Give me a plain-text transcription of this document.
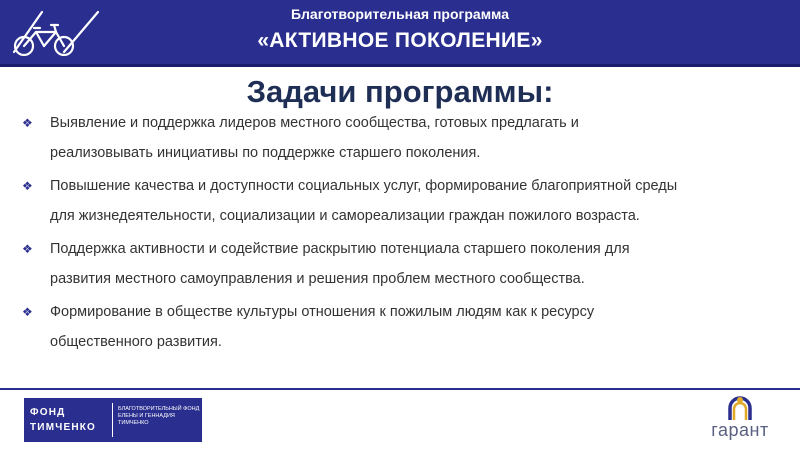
Благотворительная программа
«АКТИВНОЕ ПОКОЛЕНИЕ»
Задачи программы:
❖	Выявление и поддержка лидеров местного сообщества, готовых предлагать и
реализовывать инициативы по поддержке старшего поколения.
❖	Повышение качества и доступности социальных услуг, формирование благоприятной среды
для жизнедеятельности, социализации и самореализации граждан пожилого возраста.
❖	Поддержка активности и содействие раскрытию потенциала старшего поколения для
развития местного самоуправления и решения проблем местного сообщества.
❖	Формирование в обществе культуры отношения к пожилым людям как к ресурсу
общественного развития.
ФОНД
ТИМЧЕНКО
БЛАГОТВОРИТЕЛЬНЫЙ ФОНД ЕЛЕНЫ И ГЕННАДИЯ ТИМЧЕНКО	гарант
